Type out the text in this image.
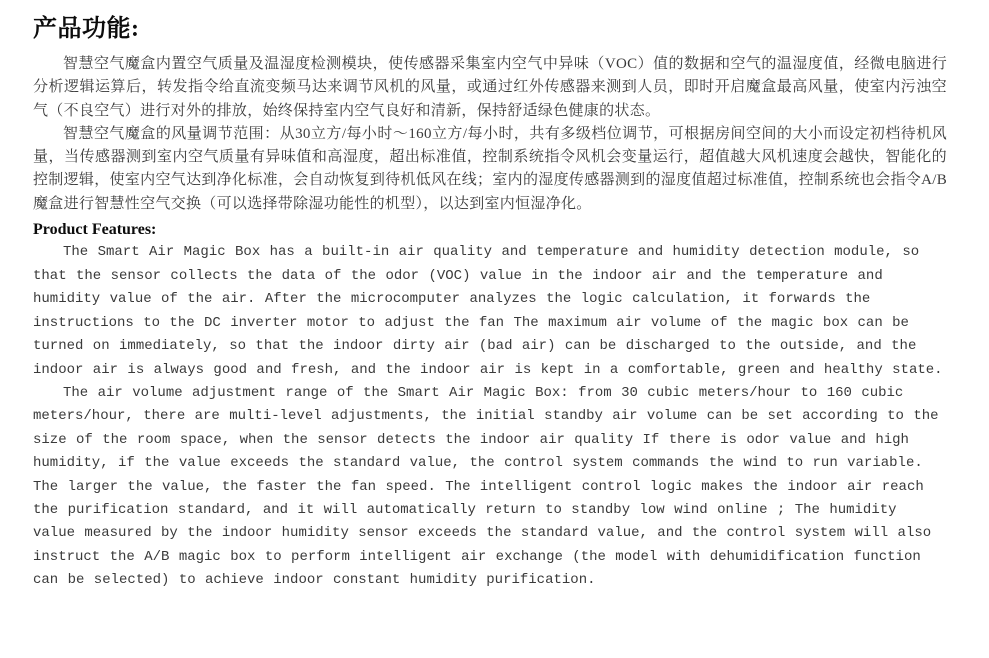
产品功能:

智慧空气魔盒内置空气质量及温湿度检测模块，使传感器采集室内空气中异味（VOC）值的数据和空气的温湿度值，经微电脑进行分析逻辑运算后，转发指令给直流变频马达来调节风机的风量，或通过红外传感器来测到人员，即时开启魔盒最高风量，使室内污浊空气（不良空气）进行对外的排放，始终保持室内空气良好和清新，保持舒适绿色健康的状态。

智慧空气魔盒的风量调节范围：从30立方/每小时～160立方/每小时，共有多级档位调节，可根据房间空间的大小而设定初档待机风量，当传感器测到室内空气质量有异味值和高湿度，超出标准值，控制系统指令风机会变量运行，超值越大风机速度会越快，智能化的控制逻辑，使室内空气达到净化标准，会自动恢复到待机低风在线；室内的湿度传感器测到的湿度值超过标准值，控制系统也会指令A/B魔盒进行智慧性空气交换（可以选择带除湿功能性的机型），以达到室内恒湿净化。

Product Features:

The Smart Air Magic Box has a built-in air quality and temperature and humidity detection module, so that the sensor collects the data of the odor (VOC) value in the indoor air and the temperature and humidity value of the air. After the microcomputer analyzes the logic calculation, it forwards the instructions to the DC inverter motor to adjust the fan The maximum air volume of the magic box can be turned on immediately, so that the indoor dirty air (bad air) can be discharged to the outside, and the indoor air is always good and fresh, and the indoor air is kept in a comfortable, green and healthy state.

The air volume adjustment range of the Smart Air Magic Box: from 30 cubic meters/hour to 160 cubic meters/hour, there are multi-level adjustments, the initial standby air volume can be set according to the size of the room space, when the sensor detects the indoor air quality If there is odor value and high humidity, if the value exceeds the standard value, the control system commands the wind to run variable. The larger the value, the faster the fan speed. The intelligent control logic makes the indoor air reach the purification standard, and it will automatically return to standby low wind online ; The humidity value measured by the indoor humidity sensor exceeds the standard value, and the control system will also instruct the A/B magic box to perform intelligent air exchange (the model with dehumidification function can be selected) to achieve indoor constant humidity purification.
